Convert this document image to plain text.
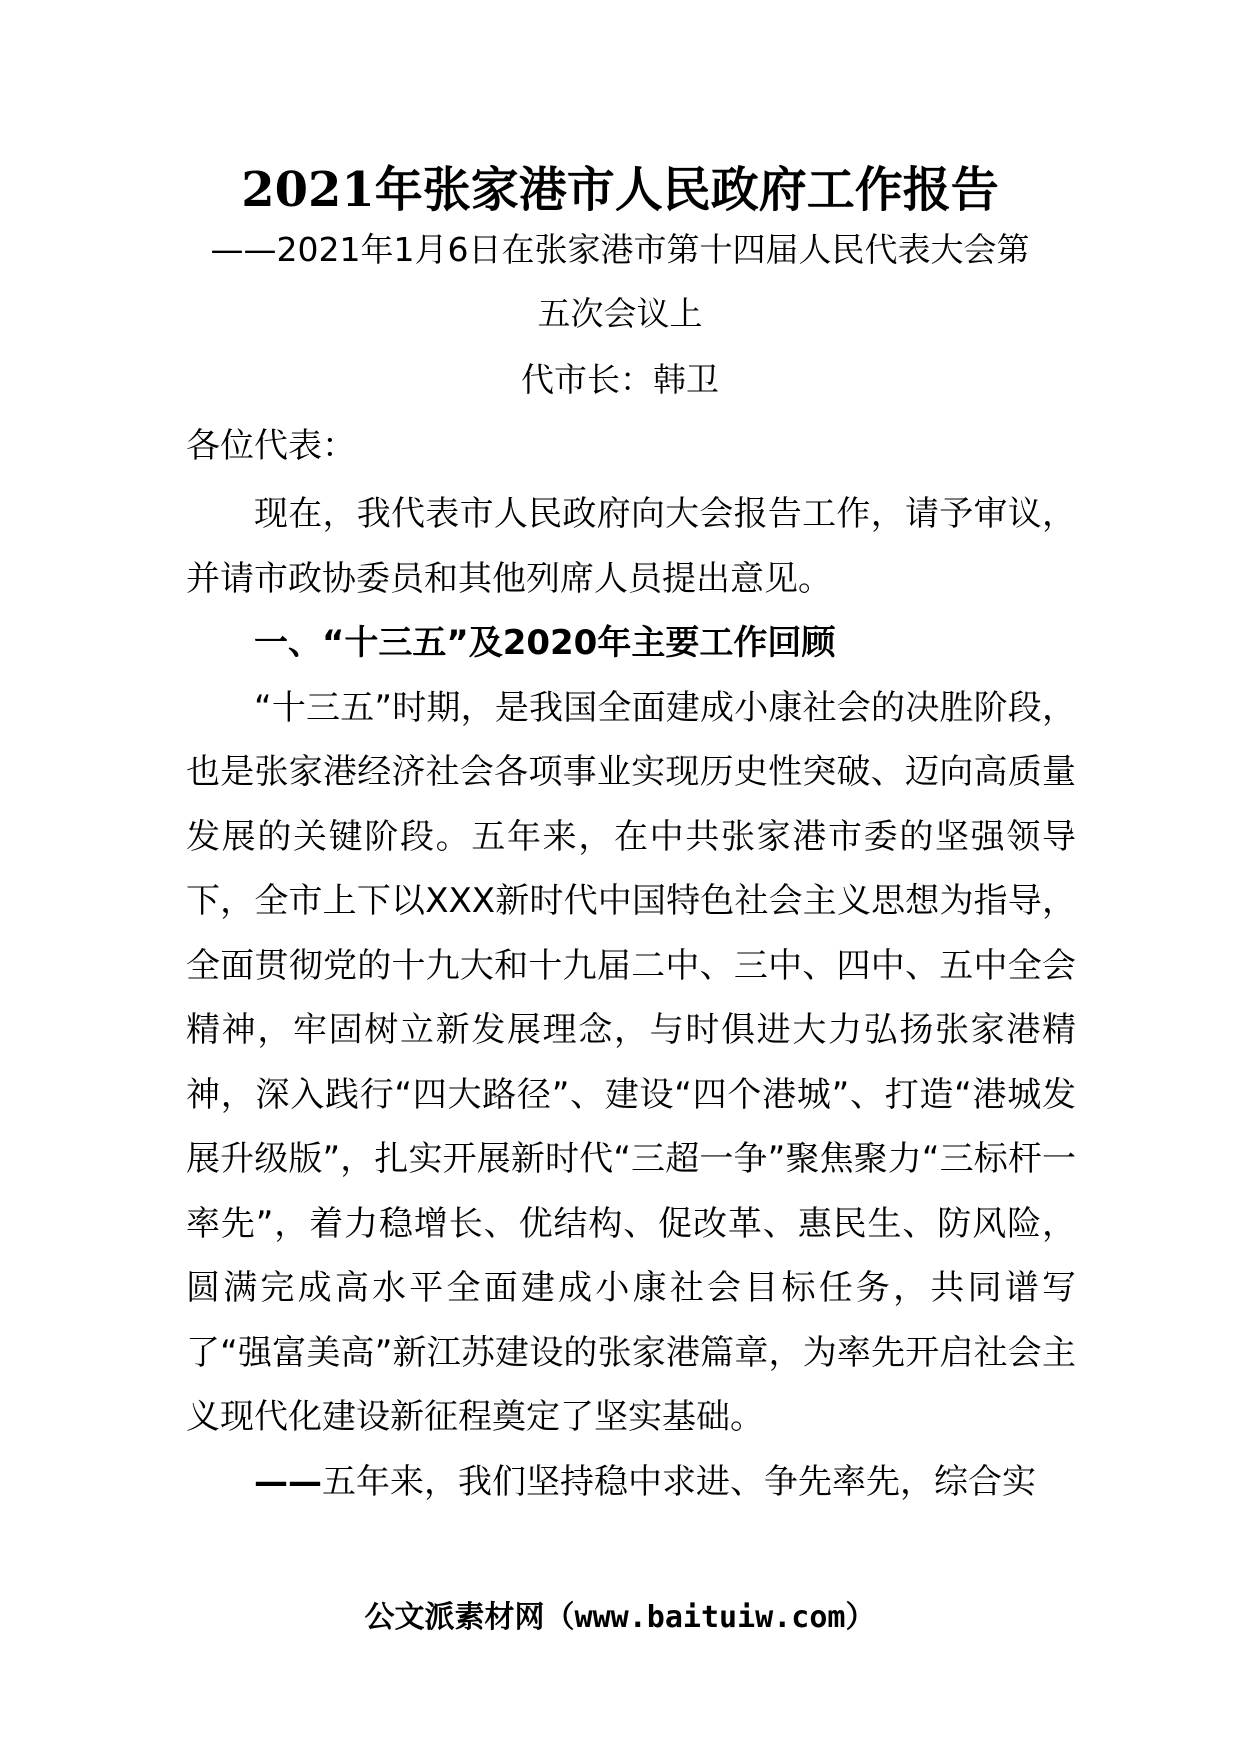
2021年张家港市人民政府工作报告
——2021年1月6日在张家港市第十四届人民代表大会第
五次会议上
代市长：韩卫
各位代表：

现在，我代表市人民政府向大会报告工作，请予审议，并请市政协委员和其他列席人员提出意见。

一、“十三五”及2020年主要工作回顾

“十三五”时期，是我国全面建成小康社会的决胜阶段，也是张家港经济社会各项事业实现历史性突破、迈向高质量发展的关键阶段。五年来，在中共张家港市委的坚强领导下，全市上下以XXX新时代中国特色社会主义思想为指导，全面贯彻党的十九大和十九届二中、三中、四中、五中全会精神，牢固树立新发展理念，与时俱进大力弘扬张家港精神，深入践行“四大路径”、建设“四个港城”、打造“港城发展升级版”，扎实开展新时代“三超一争”聚焦聚力“三标杆一率先”，着力稳增长、优结构、促改革、惠民生、防风险，圆满完成高水平全面建成小康社会目标任务，共同谱写了“强富美高”新江苏建设的张家港篇章，为率先开启社会主义现代化建设新征程奠定了坚实基础。

——五年来，我们坚持稳中求进、争先率先，综合实

公文派素材网（www.baituiw.com）
